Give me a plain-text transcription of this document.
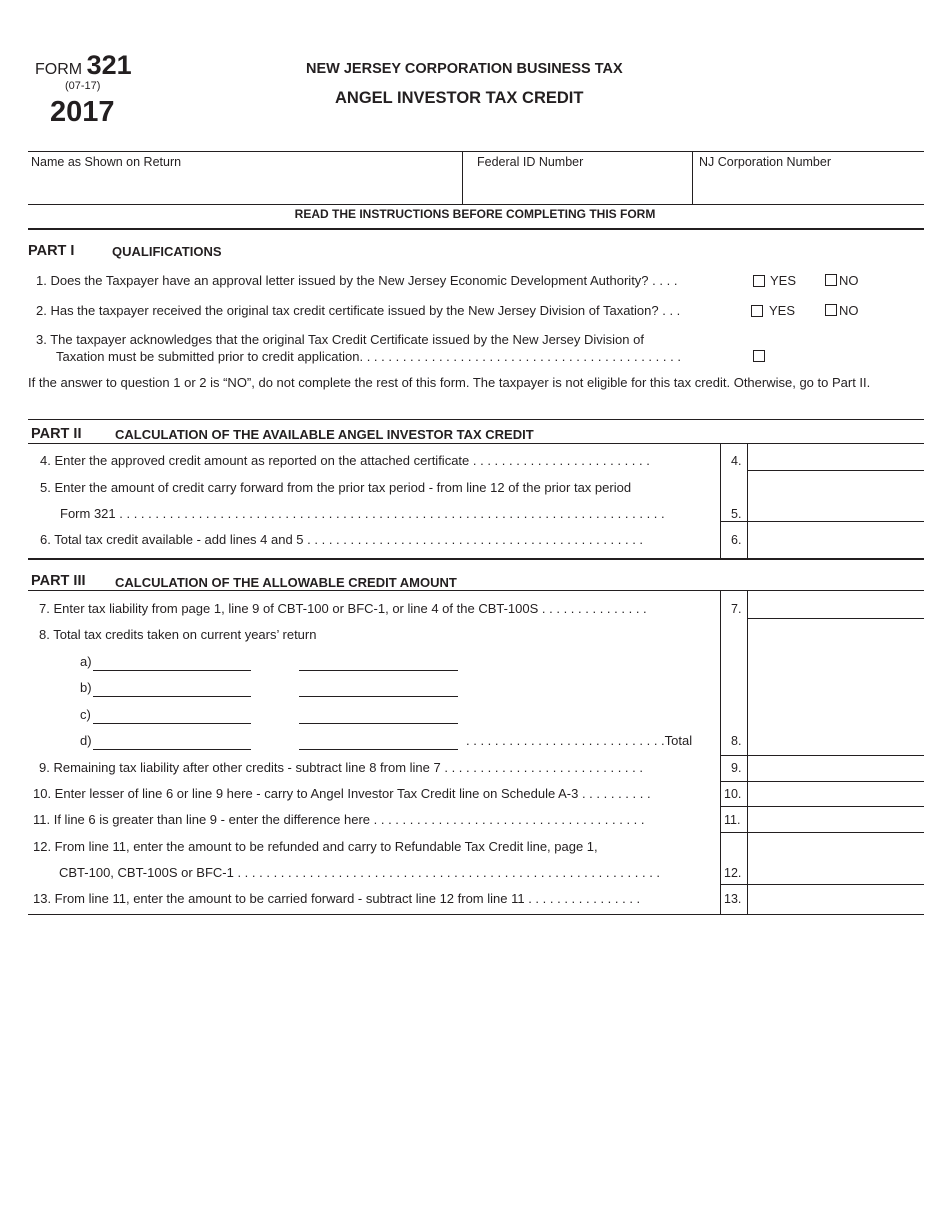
FORM 321
(07-17)
2017
NEW JERSEY CORPORATION BUSINESS TAX
ANGEL INVESTOR TAX CREDIT
Name as Shown on Return	Federal ID Number	NJ Corporation Number
READ THE INSTRUCTIONS BEFORE COMPLETING THIS FORM
PART I	QUALIFICATIONS
1. Does the Taxpayer have an approval letter issued by the New Jersey Economic Development Authority? . . . .	YES	NO
2. Has the taxpayer received the original tax credit certificate issued by the New Jersey Division of Taxation? . . .	YES	NO
3. The taxpayer acknowledges that the original Tax Credit Certificate issued by the New Jersey Division of
Taxation must be submitted prior to credit application. . . . . . . . . . . . . . . . . . . . . . . . . . . . . . . . . . . . . . . . . . . . .
If the answer to question 1 or 2 is “NO”, do not complete the rest of this form. The taxpayer is not eligible for this tax credit. Otherwise, go to Part II.
PART II	CALCULATION OF THE AVAILABLE ANGEL INVESTOR TAX CREDIT
4. Enter the approved credit amount as reported on the attached certificate . . . . . . . . . . . . . . . . . . . . . . . . .	4.
5. Enter the amount of credit carry forward from the prior tax period - from line 12 of the prior tax period
Form 321 . . . . . . . . . . . . . . . . . . . . . . . . . . . . . . . . . . . . . . . . . . . . . . . . . . . . . . . . . . . . . . . . . . . . . . . . . . . .	5.
6. Total tax credit available - add lines 4 and 5 . . . . . . . . . . . . . . . . . . . . . . . . . . . . . . . . . . . . . . . . . . . . . . .	6.
PART III CALCULATION OF THE ALLOWABLE CREDIT AMOUNT
7. Enter tax liability from page 1, line 9 of CBT-100 or BFC-1, or line 4 of the CBT-100S . . . . . . . . . . . . . . .	7.
8. Total tax credits taken on current years’ return
a)
b)
c)
d)	. . . . . . . . . . . . . . . . . . . . . . . . . . . .Total	8.
9. Remaining tax liability after other credits - subtract line 8 from line 7 . . . . . . . . . . . . . . . . . . . . . . . . . . . .	9.
10. Enter lesser of line 6 or line 9 here - carry to Angel Investor Tax Credit line on Schedule A-3 . . . . . . . . . .	10.
11. If line 6 is greater than line 9 - enter the difference here . . . . . . . . . . . . . . . . . . . . . . . . . . . . . . . . . . . . . .	11.
12. From line 11, enter the amount to be refunded and carry to Refundable Tax Credit line, page 1,
CBT-100, CBT-100S or BFC-1 . . . . . . . . . . . . . . . . . . . . . . . . . . . . . . . . . . . . . . . . . . . . . . . . . . . . . . . . . . .	12.
13. From line 11, enter the amount to be carried forward - subtract line 12 from line 11 . . . . . . . . . . . . . . . .	13.
